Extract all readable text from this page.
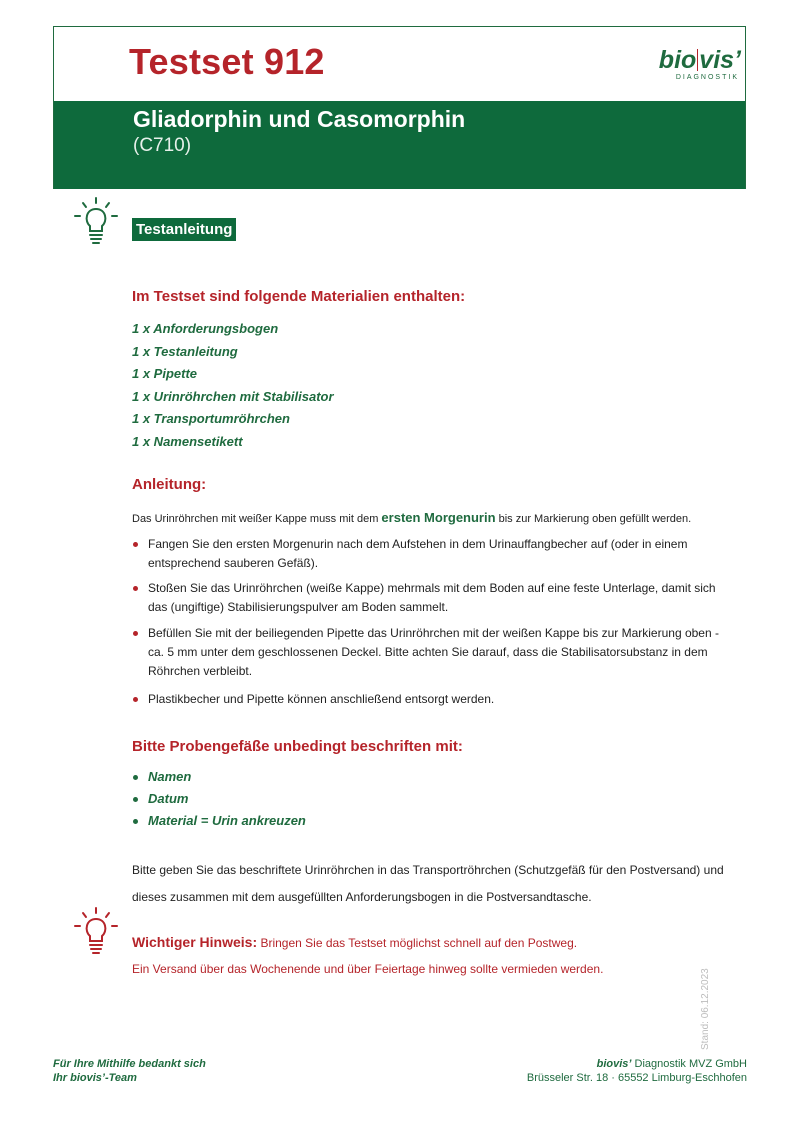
Testset 912	bio vis’
DIAGNOSTIK
Gliadorphin und Casomorphin
(C710)
Testanleitung
Im Testset sind folgende Materialien enthalten:
1 x Anforderungsbogen
1 x Testanleitung
1 x Pipette
1 x Urinröhrchen mit Stabilisator
1 x Transportumröhrchen
1 x Namensetikett
Anleitung:
Das Urinröhrchen mit weißer Kappe muss mit dem ersten Morgenurin bis zur Markierung oben gefüllt werden.
Fangen Sie den ersten Morgenurin nach dem Aufstehen in dem Urinauffangbecher auf (oder in einem entsprechend sauberen Gefäß).
Stoßen Sie das Urinröhrchen (weiße Kappe) mehrmals mit dem Boden auf eine feste Unterlage, damit sich das (ungiftige) Stabilisierungspulver am Boden sammelt.
Befüllen Sie mit der beiliegenden Pipette das Urinröhrchen mit der weißen Kappe bis zur Markierung oben - ca. 5 mm unter dem geschlossenen Deckel. Bitte achten Sie darauf, dass die Stabilisatorsubstanz in dem Röhrchen verbleibt.
Plastikbecher und Pipette können anschließend entsorgt werden.
Bitte Probengefäße unbedingt beschriften mit:
Namen
Datum
Material = Urin ankreuzen
Bitte geben Sie das beschriftete Urinröhrchen in das Transportröhrchen (Schutzgefäß für den Postversand) und dieses zusammen mit dem ausgefüllten Anforderungsbogen in die Postversandtasche.
Wichtiger Hinweis: Bringen Sie das Testset möglichst schnell auf den Postweg.
Ein Versand über das Wochenende und über Feiertage hinweg sollte vermieden werden.	Stand: 06.12.2023
Für Ihre Mithilfe bedankt sich
Ihr biovis’-Team
biovis’ Diagnostik MVZ GmbH
Brüsseler Str. 18 · 65552 Limburg-Eschhofen
